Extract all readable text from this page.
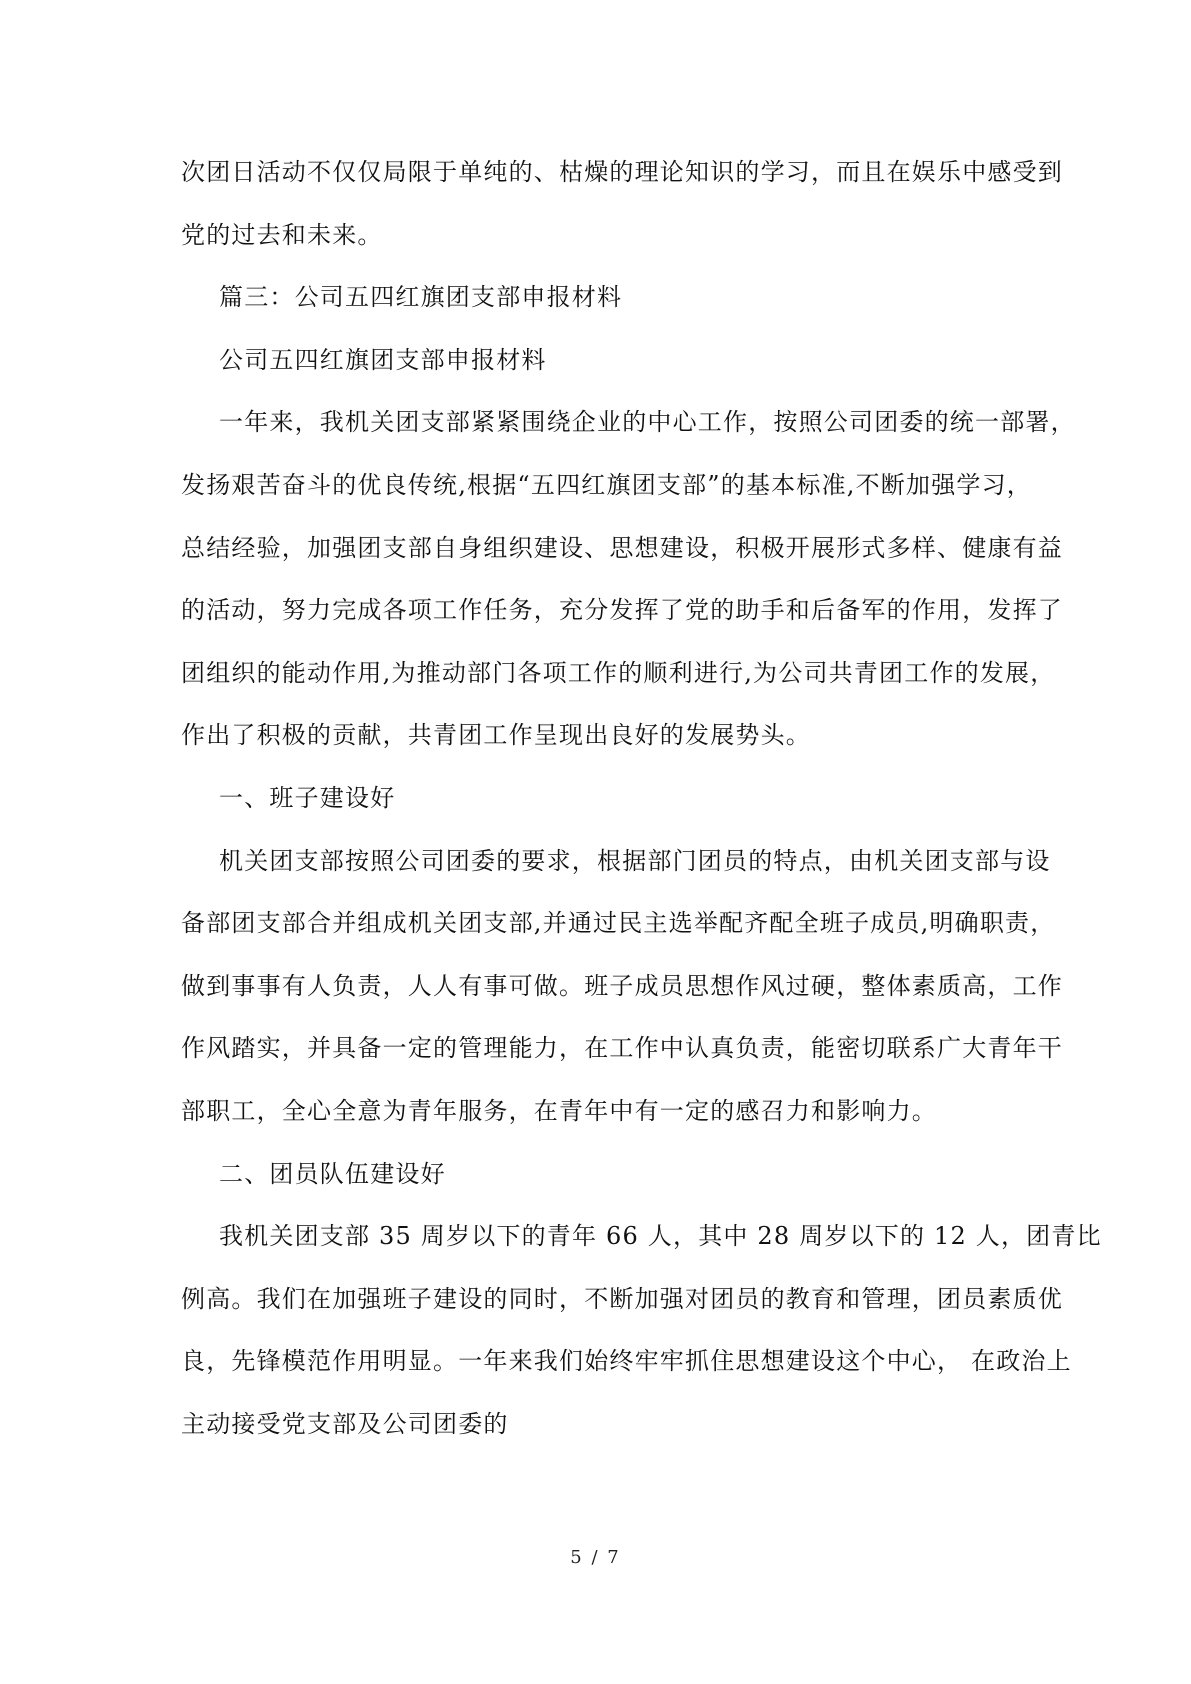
次团日活动不仅仅局限于单纯的、枯燥的理论知识的学习，而且在娱乐中感受到
党的过去和未来。
篇三：公司五四红旗团支部申报材料
公司五四红旗团支部申报材料
一年来，我机关团支部紧紧围绕企业的中心工作，按照公司团委的统一部署，
发扬艰苦奋斗的优良传统,根据“五四红旗团支部”的基本标准,不断加强学习，
总结经验，加强团支部自身组织建设、思想建设，积极开展形式多样、健康有益
的活动，努力完成各项工作任务，充分发挥了党的助手和后备军的作用，发挥了
团组织的能动作用,为推动部门各项工作的顺利进行,为公司共青团工作的发展，
作出了积极的贡献，共青团工作呈现出良好的发展势头。
一、班子建设好
机关团支部按照公司团委的要求，根据部门团员的特点，由机关团支部与设
备部团支部合并组成机关团支部,并通过民主选举配齐配全班子成员,明确职责，
做到事事有人负责，人人有事可做。班子成员思想作风过硬，整体素质高，工作
作风踏实，并具备一定的管理能力，在工作中认真负责，能密切联系广大青年干
部职工，全心全意为青年服务，在青年中有一定的感召力和影响力。
二、团员队伍建设好
我机关团支部 35 周岁以下的青年 66 人，其中 28 周岁以下的 12 人，团青比
例高。我们在加强班子建设的同时，不断加强对团员的教育和管理，团员素质优
良，先锋模范作用明显。一年来我们始终牢牢抓住思想建设这个中心， 在政治上
主动接受党支部及公司团委的
5 / 7
